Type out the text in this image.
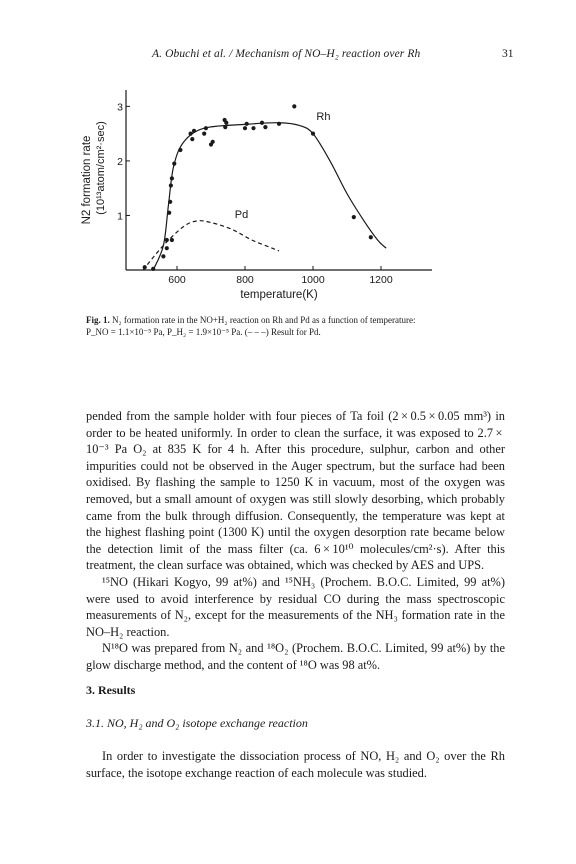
A. Obuchi et al. / Mechanism of NO–H₂ reaction over Rh	31
600	800	1000	1200
1
2
3
temperature(K)
N2 formation rate (10¹³atom/cm²·sec)
Rh
Pd
Fig. 1. N₂ formation rate in the NO+H₂ reaction on Rh and Pd as a function of temperature:
P_NO = 1.1×10⁻⁵ Pa, P_H₂ = 1.9×10⁻⁵ Pa. (– – –) Result for Pd.

pended from the sample holder with four pieces of Ta foil (2 × 0.5 × 0.05 mm³) in order to be heated uniformly. In order to clean the surface, it was exposed to 2.7 × 10⁻³ Pa O₂ at 835 K for 4 h. After this procedure, sulphur, carbon and other impurities could not be observed in the Auger spectrum, but the surface had been oxidised. By flashing the sample to 1250 K in vacuum, most of the oxygen was removed, but a small amount of oxygen was still slowly desorbing, which probably came from the bulk through diffusion. Consequently, the temperature was kept at the highest flashing point (1300 K) until the oxygen desorption rate became below the detection limit of the mass filter (ca. 6 × 10¹⁰ molecules/cm²·s). After this treatment, the clean surface was obtained, which was checked by AES and UPS.

¹⁵NO (Hikari Kogyo, 99 at%) and ¹⁵NH₃ (Prochem. B.O.C. Limited, 99 at%) were used to avoid interference by residual CO during the mass spectroscopic measurements of N₂, except for the measurements of the NH₃ formation rate in the NO–H₂ reaction.

N¹⁸O was prepared from N₂ and ¹⁸O₂ (Prochem. B.O.C. Limited, 99 at%) by the glow discharge method, and the content of ¹⁸O was 98 at%.

3. Results
3.1. NO, H₂ and O₂ isotope exchange reaction

In order to investigate the dissociation process of NO, H₂ and O₂ over the Rh surface, the isotope exchange reaction of each molecule was studied.
